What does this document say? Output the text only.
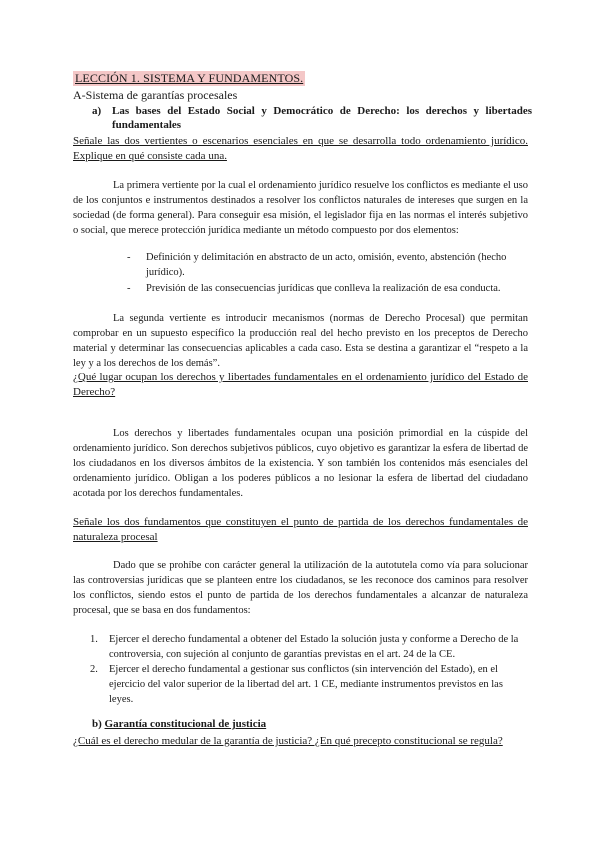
LECCIÓN 1. SISTEMA Y FUNDAMENTOS.
A-Sistema de garantías procesales
a) Las bases del Estado Social y Democrático de Derecho: los derechos y libertades fundamentales
Señale las dos vertientes o escenarios esenciales en que se desarrolla todo ordenamiento jurídico. Explique en qué consiste cada una.
La primera vertiente por la cual el ordenamiento jurídico resuelve los conflictos es mediante el uso de los conjuntos e instrumentos destinados a resolver los conflictos naturales de intereses que surgen en la sociedad (de forma general). Para conseguir esa misión, el legislador fija en las normas el interés subjetivo o social, que merece protección jurídica mediante un método compuesto por dos elementos:
-	Definición y delimitación en abstracto de un acto, omisión, evento, abstención (hecho jurídico).
-	Previsión de las consecuencias jurídicas que conlleva la realización de esa conducta.
La segunda vertiente es introducir mecanismos (normas de Derecho Procesal) que permitan comprobar en un supuesto específico la producción real del hecho previsto en los preceptos de Derecho material y determinar las consecuencias aplicables a cada caso. Esta se destina a garantizar el “respeto a la ley y a los derechos de los demás”.
¿Qué lugar ocupan los derechos y libertades fundamentales en el ordenamiento jurídico del Estado de Derecho?
Los derechos y libertades fundamentales ocupan una posición primordial en la cúspide del ordenamiento jurídico. Son derechos subjetivos públicos, cuyo objetivo es garantizar la esfera de libertad de los ciudadanos en los diversos ámbitos de la existencia. Y son también los contenidos más esenciales del ordenamiento jurídico. Obligan a los poderes públicos a no lesionar la esfera de libertad del ciudadano acotada por los derechos fundamentales.
Señale los dos fundamentos que constituyen el punto de partida de los derechos fundamentales de naturaleza procesal
Dado que se prohíbe con carácter general la utilización de la autotutela como vía para solucionar las controversias jurídicas que se planteen entre los ciudadanos, se les reconoce dos caminos para resolver los conflictos, siendo estos el punto de partida de los derechos fundamentales a alcanzar de naturaleza procesal, que se basa en dos fundamentos:
1.	Ejercer el derecho fundamental a obtener del Estado la solución justa y conforme a Derecho de la controversia, con sujeción al conjunto de garantías previstas en el art. 24 de la CE.
2.	Ejercer el derecho fundamental a gestionar sus conflictos (sin intervención del Estado), en el ejercicio del valor superior de la libertad del art. 1 CE, mediante instrumentos previstos en las leyes.
b) Garantía constitucional de justicia
¿Cuál es el derecho medular de la garantía de justicia? ¿En qué precepto constitucional se regula?
